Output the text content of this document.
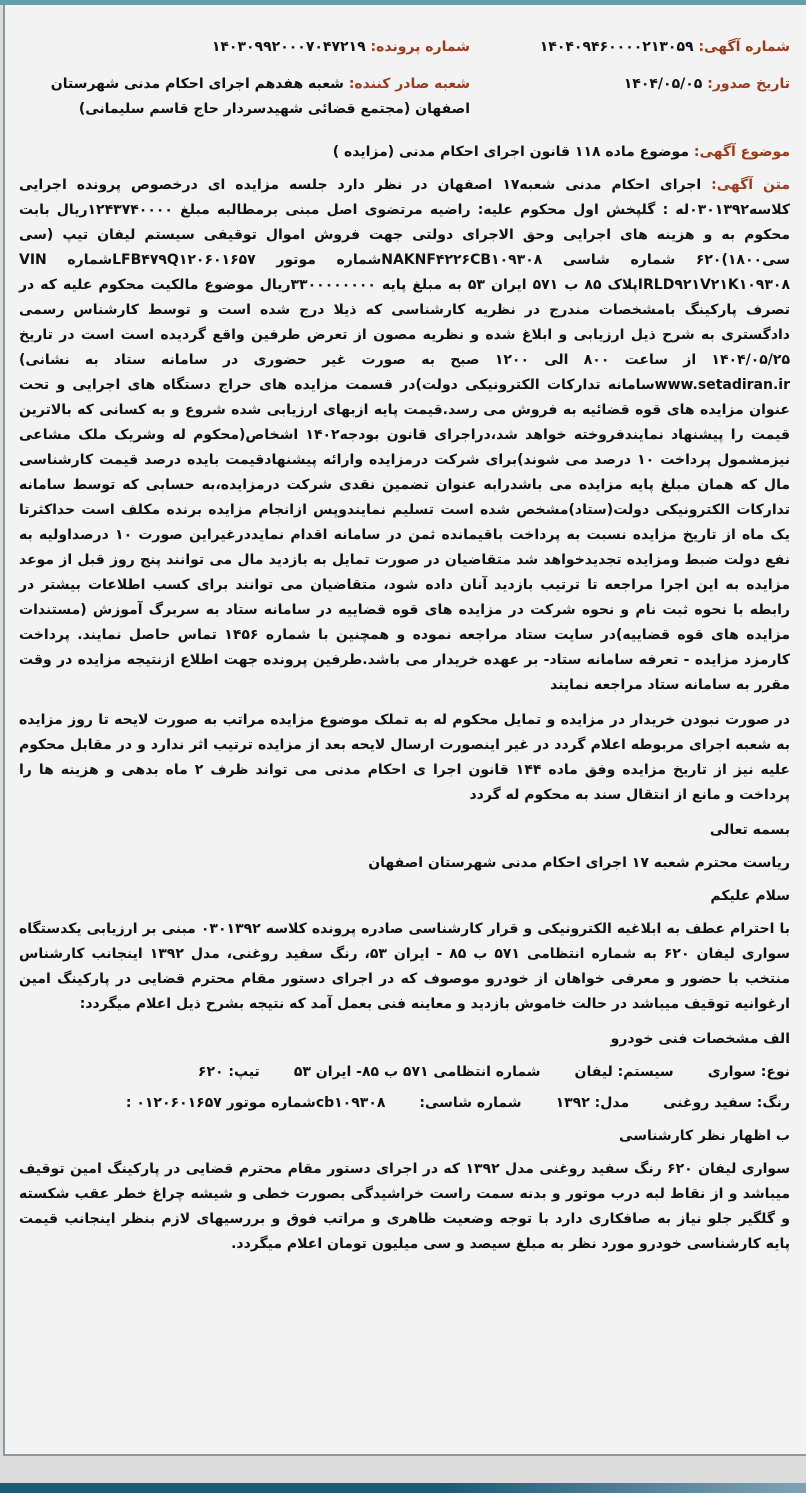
شماره آگهی: ۱۴۰۴۰۹۴۶۰۰۰۰۲۱۳۰۵۹
شماره پرونده: ۱۴۰۳۰۹۹۲۰۰۰۷۰۴۷۲۱۹
تاریخ صدور: ۱۴۰۴/۰۵/۰۵
شعبه صادر کننده: شعبه هفدهم اجرای احکام مدنی شهرستان اصفهان (مجتمع قضائی شهیدسردار حاج قاسم سلیمانی)
موضوع آگهی: موضوع ماده ۱۱۸ قانون اجرای احکام مدنی (مزایده )
متن آگهی: اجرای احکام مدنی شعبه۱۷ اصفهان در نظر دارد جلسه مزایده ای درخصوص پرونده اجرایی کلاسه۰۳۰۱۳۹۲له : گلپخش اول محکوم علیه: راضیه مرتضوی اصل مبنی برمطالبه مبلغ ۱۲۴۳۷۴۰۰۰۰ریال بابت محکوم به و هزینه های اجرایی وحق الاجرای دولتی جهت فروش اموال توقیفی سیستم لیفان تیپ (سی سی۱۸۰۰)۶۲۰ شماره شاسی NAKNF۴۲۲۶CB۱۰۹۳۰۸شماره موتور LFB۴۷۹Q۱۲۰۶۰۱۶۵۷شماره VIN IRLD۹۲۱V۲۱K۱۰۹۳۰۸پلاک ۸۵ ب ۵۷۱ ایران ۵۳ به مبلغ پایه ۳۳۰۰۰۰۰۰۰۰ریال موضوع مالکیت محکوم علیه که در تصرف پارکینگ بامشخصات مندرج در نظریه کارشناسی که ذیلا درج شده است و توسط کارشناس رسمی دادگستری به شرح ذیل ارزیابی و ابلاغ شده و نظریه مصون از تعرض طرفین واقع گردیده است است در تاریخ ۱۴۰۴/۰۵/۲۵ از ساعت ۸۰۰ الی ۱۲۰۰ صبح به صورت غیر حضوری در سامانه ستاد به نشانی) www.setadiran.irسامانه تدارکات الکترونیکی دولت)در قسمت مزایده های حراج دستگاه های اجرایی و تحت عنوان مزایده های قوه قضائیه به فروش می رسد.قیمت پایه ازبهای ارزیابی شده شروع و به کسانی که بالاترین قیمت را پیشنهاد نمایندفروخته خواهد شد،دراجرای قانون بودجه۱۴۰۲ اشخاص(محکوم له وشریک ملک مشاعی نیزمشمول پرداخت ۱۰ درصد می شوند)برای شرکت درمزایده وارائه پیشنهادقیمت بایده درصد قیمت کارشناسی مال که همان مبلغ پایه مزایده می باشدرابه عنوان تضمین نقدی شرکت درمزایده،به حسابی که توسط سامانه تدارکات الکترونیکی دولت(ستاد)مشخص شده است تسلیم نمایندوپس ازانجام مزایده برنده مکلف است حداکثرتا یک ماه از تاریخ مزایده نسبت به پرداخت باقیمانده ثمن در سامانه اقدام نمایددرغیراین صورت ۱۰ درصداولیه به نفع دولت ضبط ومزایده تجدیدخواهد شد متقاضیان در صورت تمایل به بازدید مال می توانند پنج روز قبل از موعد مزایده به این اجرا مراجعه تا ترتیب بازدید آنان داده شود، متقاضیان می توانند برای کسب اطلاعات بیشتر در رابطه با نحوه ثبت نام و نحوه شرکت در مزایده های قوه قضاییه در سامانه ستاد به سربرگ آموزش (مستندات مزایده های قوه قضاییه)در سایت ستاد مراجعه نموده و همچنین با شماره ۱۴۵۶ تماس حاصل نمایند. پرداخت کارمزد مزایده - تعرفه سامانه ستاد- بر عهده خریدار می باشد.طرفین پرونده جهت اطلاع ازنتیجه مزایده در وقت مقرر به سامانه ستاد مراجعه نمایند
در صورت نبودن خریدار در مزایده و تمایل محکوم له به تملک موضوع مزایده مراتب به صورت لایحه تا روز مزایده به شعبه اجرای مربوطه اعلام گردد در غیر اینصورت ارسال لایحه بعد از مزایده ترتیب اثر ندارد و در مقابل محکوم علیه نیز از تاریخ مزایده وفق ماده ۱۴۴ قانون اجرا ی احکام مدنی می تواند ظرف ۲ ماه بدهی و هزینه ها را پرداخت و مانع از انتقال سند به محکوم له گردد
بسمه تعالی
ریاست محترم شعبه ۱۷ اجرای احکام مدنی شهرستان اصفهان
سلام علیکم
با احترام عطف به ابلاغیه الکترونیکی و قرار کارشناسی صادره پرونده کلاسه ۰۳۰۱۳۹۲ مبنی بر ارزیابی یکدستگاه سواری لیفان ۶۲۰ به شماره انتظامی ۵۷۱ ب ۸۵ - ایران ۵۳، رنگ سفید روغنی، مدل ۱۳۹۲ اینجانب کارشناس منتخب با حضور و معرفی خواهان از خودرو موصوف که در اجرای دستور مقام محترم قضایی در پارکینگ امین ارغوانیه توقیف میباشد در حالت خاموش بازدید و معاینه فنی بعمل آمد که نتیجه بشرح ذیل اعلام میگردد:
الف مشخصات فنی خودرو
نوع: سواری
سیستم: لیفان
شماره انتظامی ۵۷۱ ب ۸۵- ایران ۵۳
تیپ: ۶۲۰
رنگ: سفید روغنی
مدل: ۱۳۹۲
شماره شاسی:
cb۱۰۹۳۰۸شماره موتور ۰۱۲۰۶۰۱۶۵۷ :
ب اظهار نظر کارشناسی
سواری لیفان ۶۲۰ رنگ سفید روغنی مدل ۱۳۹۲ که در اجرای دستور مقام محترم قضایی در پارکینگ امین توقیف میباشد و از نقاط لبه درب موتور و بدنه سمت راست خراشیدگی بصورت خطی و شیشه چراغ خطر عقب شکسته و گلگیر جلو نیاز به صافکاری دارد با توجه وضعیت ظاهری و مراتب فوق و بررسیهای لازم بنظر اینجانب قیمت پایه کارشناسی خودرو مورد نظر به مبلغ سیصد و سی میلیون تومان اعلام میگردد.
